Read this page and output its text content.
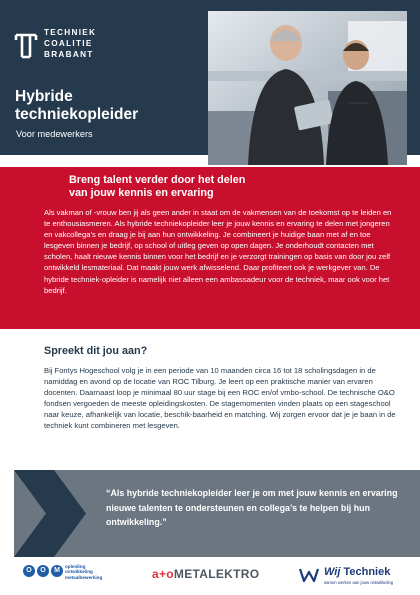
TECHNIEK
COALITIE
BRABANT
Hybride
techniekopleider
Voor medewerkers
Breng talent verder door het delen
van jouw kennis en ervaring
Als vakman of -vrouw ben jij als geen ander in staat om de vakmensen van de toekomst op te leiden en te enthousiasmeren. Als hybride techniekopleider leer je jouw kennis en ervaring te delen met jongeren en vakcollega’s en draag je bij aan hun ontwikkeling. Je combineert je huidige baan met af en toe lesgeven binnen je bedrijf, op school of uitleg geven op open dagen. Je onderhoudt contacten met scholen, haalt nieuwe kennis binnen voor het bedrijf en je verzorgt trainingen op basis van door jou zelf ontwikkeld lesmateriaal. Dat maakt jouw werk afwisselend. Daar profiteert ook je werkgever van. De hybride techniek-opleider is namelijk niet alleen een ambassadeur voor de techniek, maar ook voor het bedrijf.
Spreekt dit jou aan?
Bij Fontys Hogeschool volg je in een periode van 10 maanden circa 16 tot 18 scholingsdagen in de namiddag en avond op de locatie van ROC Tilburg. Je leert op een praktische manier van ervaren docenten. Daarnaast loop je minimaal 80 uur stage bij een ROC en/of vmbo-school. De technische O&O fondsen vergoeden de meeste opleidingskosten. De stagemomenten vinden plaats op een stageschool naar keuze, afhankelijk van locatie, beschik-baarheid en matching. Wij zorgen ervoor dat je je baan in de techniek kunt combineren met lesgeven.
“Als hybride techniekopleider leer je om met jouw kennis en ervaring nieuwe talenten te ondersteunen en collega’s te helpen bij hun ontwikkeling.”
O	O	M
opleiding
ontwikkeling
metaalbewerking	a+oMETALEKTRO	Wij Techniek
samen werken aan jouw ontwikkeling
